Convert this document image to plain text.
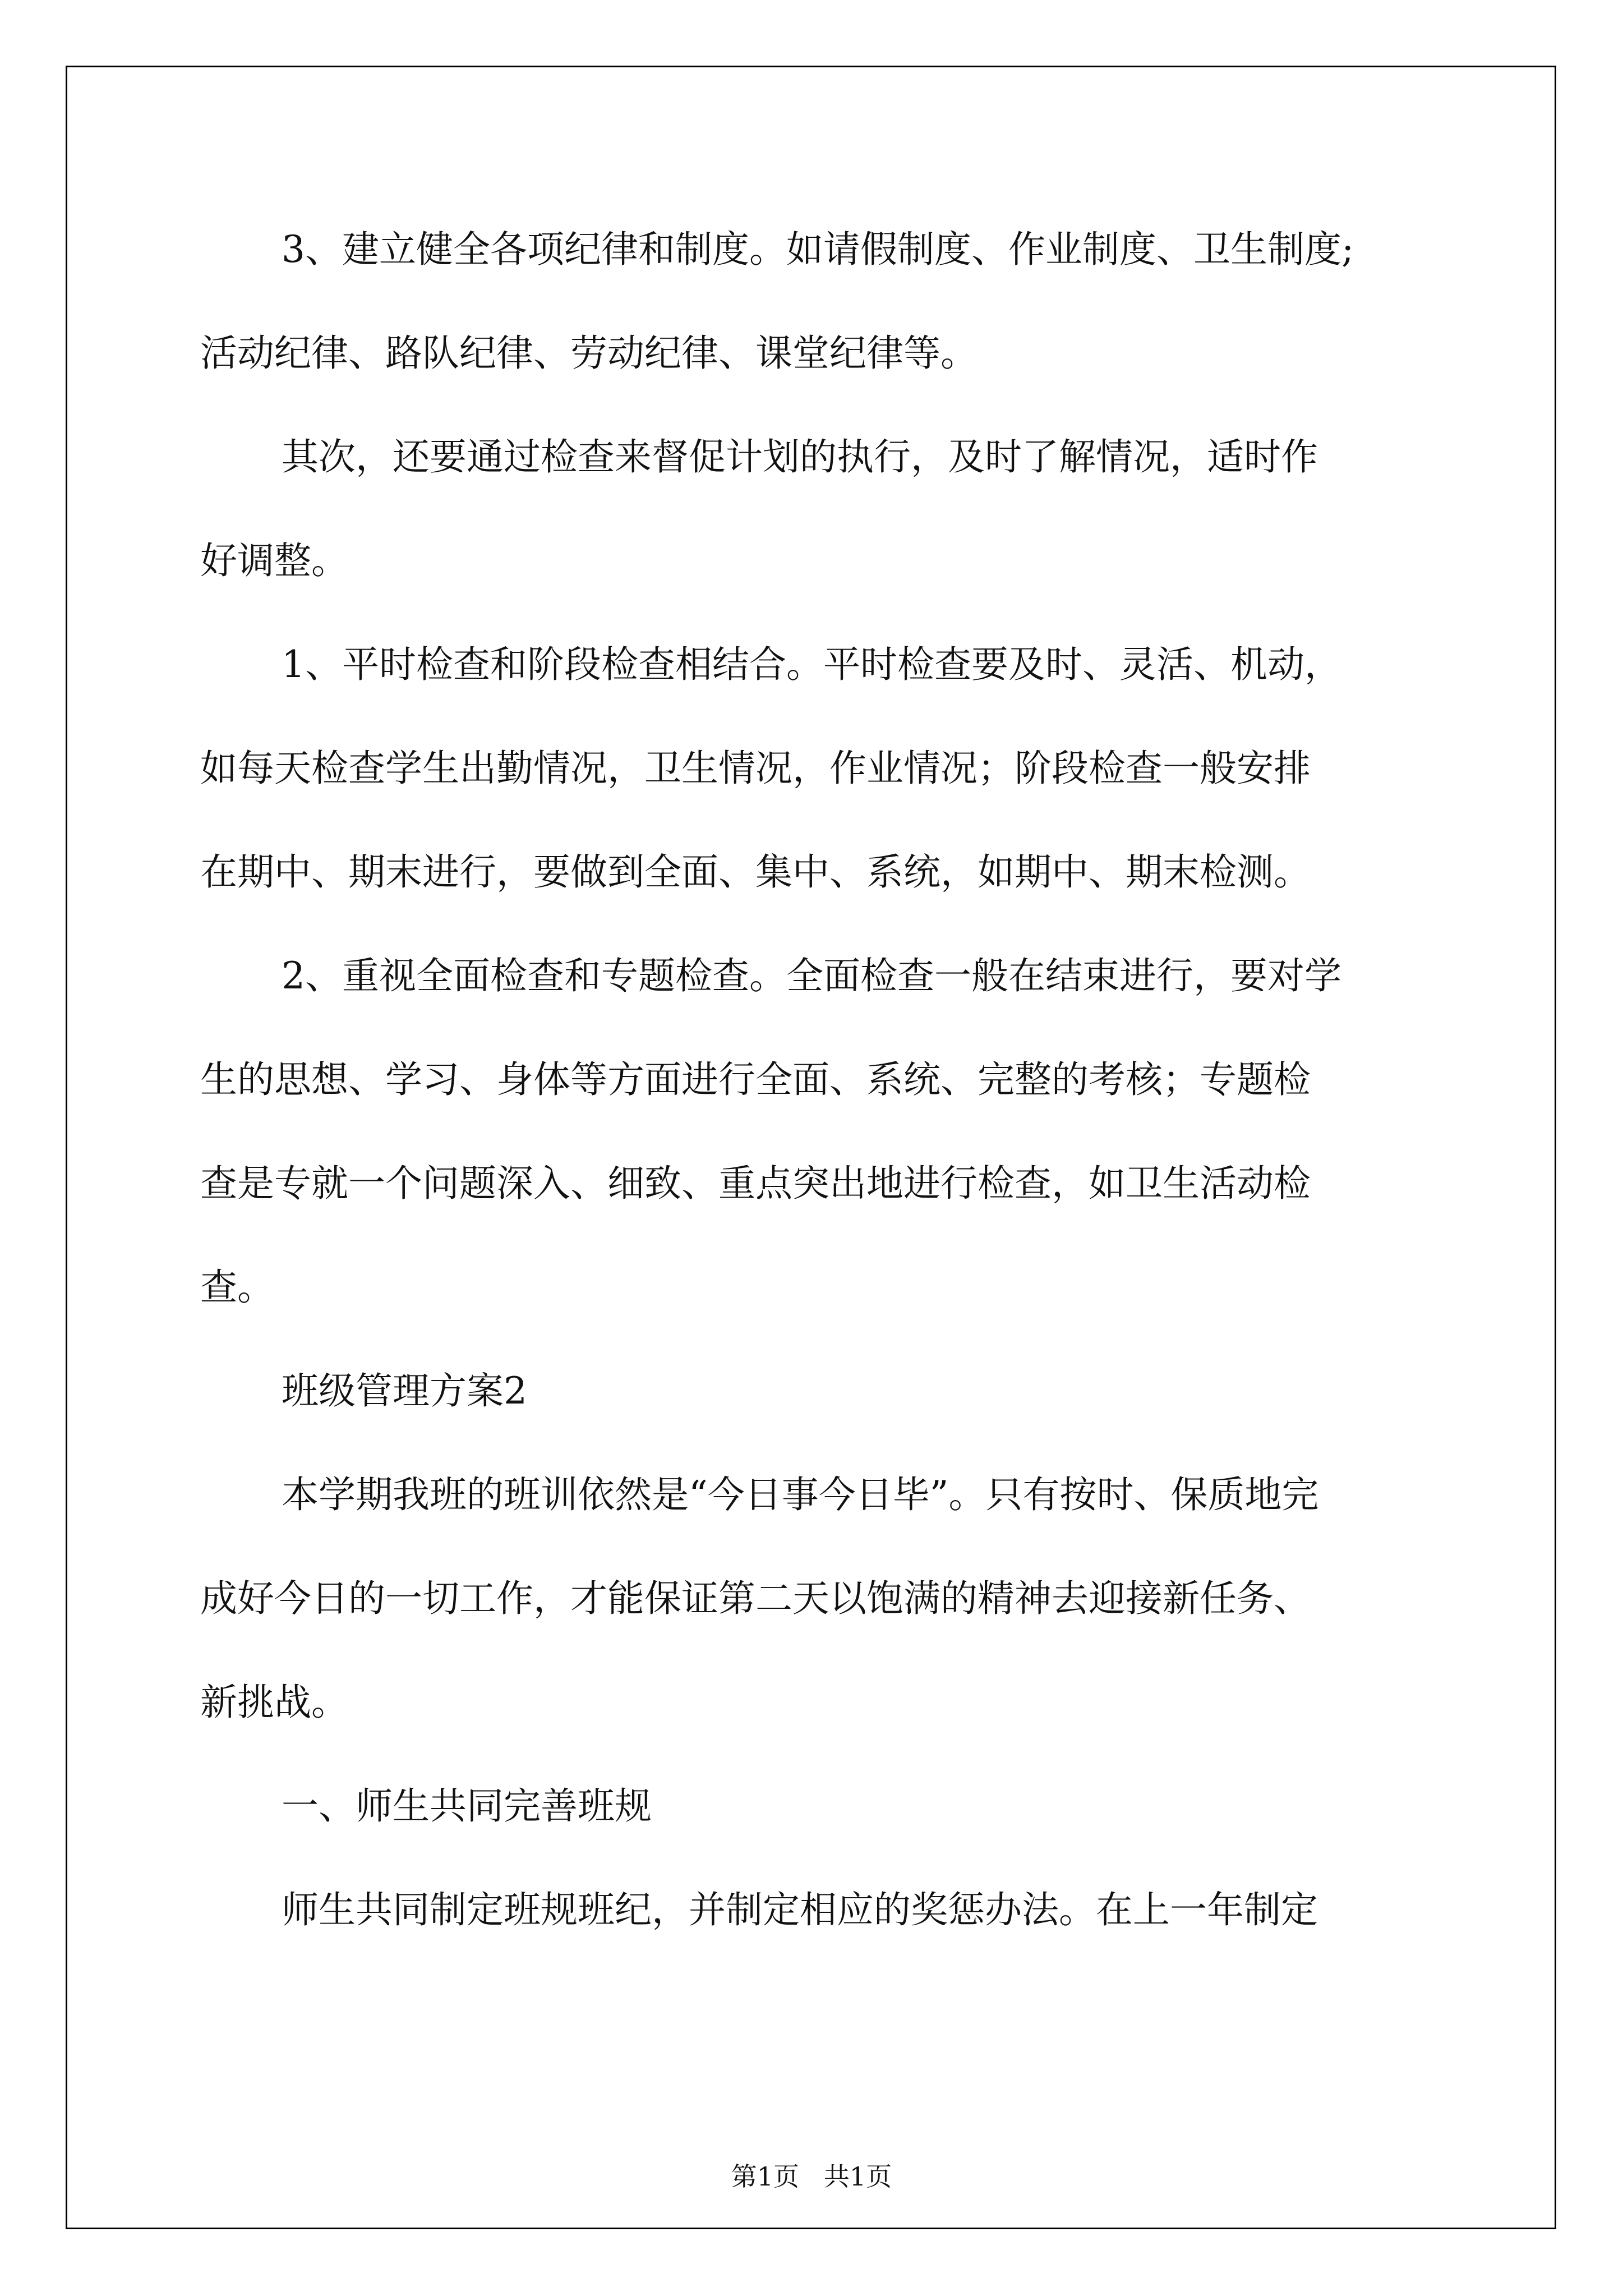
3、建立健全各项纪律和制度。如请假制度、作业制度、卫生制度;

活动纪律、路队纪律、劳动纪律、课堂纪律等。

其次，还要通过检查来督促计划的执行，及时了解情况，适时作

好调整。

1、平时检查和阶段检查相结合。平时检查要及时、灵活、机动，

如每天检查学生出勤情况，卫生情况，作业情况；阶段检查一般安排

在期中、期末进行，要做到全面、集中、系统，如期中、期末检测。

2、重视全面检查和专题检查。全面检查一般在结束进行，要对学

生的思想、学习、身体等方面进行全面、系统、完整的考核；专题检

查是专就一个问题深入、细致、重点突出地进行检查，如卫生活动检

查。

班级管理方案2

本学期我班的班训依然是“今日事今日毕”。只有按时、保质地完

成好今日的一切工作，才能保证第二天以饱满的精神去迎接新任务、

新挑战。

一、师生共同完善班规

师生共同制定班规班纪，并制定相应的奖惩办法。在上一年制定

第1页   共1页
